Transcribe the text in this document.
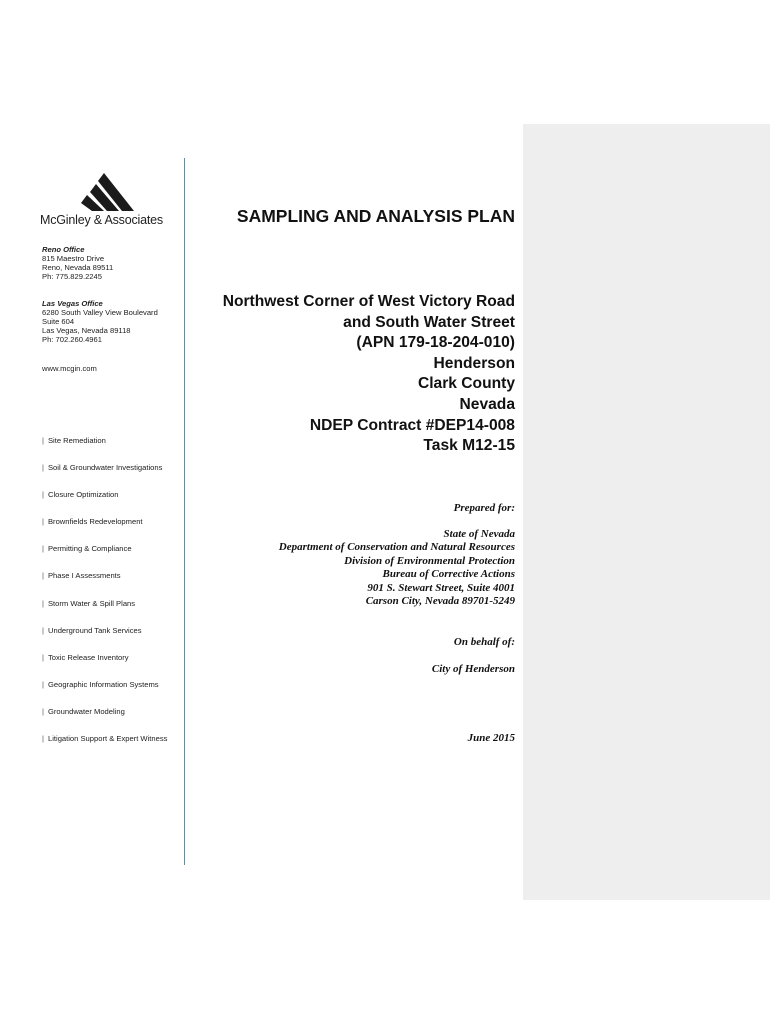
McGinley & Associates
Reno Office
815 Maestro Drive
Reno, Nevada 89511
Ph: 775.829.2245
Las Vegas Office
6280 South Valley View Boulevard
Suite 604
Las Vegas, Nevada 89118
Ph: 702.260.4961
www.mcgin.com
| Site Remediation
| Soil & Groundwater Investigations
| Closure Optimization
| Brownfields Redevelopment
| Permitting & Compliance
| Phase I Assessments
| Storm Water & Spill Plans
| Underground Tank Services
| Toxic Release Inventory
| Geographic Information Systems
| Groundwater Modeling
| Litigation Support & Expert Witness
SAMPLING AND ANALYSIS PLAN
Northwest Corner of West Victory Road
and South Water Street
(APN 179-18-204-010)
Henderson
Clark County
Nevada
NDEP Contract #DEP14-008
Task M12-15
Prepared for:
State of Nevada
Department of Conservation and Natural Resources
Division of Environmental Protection
Bureau of Corrective Actions
901 S. Stewart Street, Suite 4001
Carson City, Nevada 89701-5249
On behalf of:
City of Henderson
June 2015
